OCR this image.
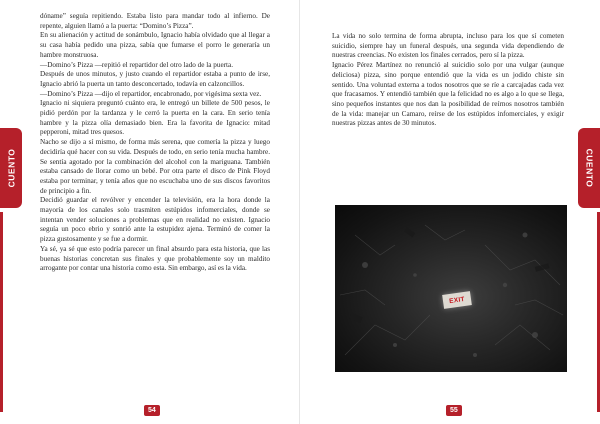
CUENTO

dóname” seguía repitiendo. Estaba listo para mandar todo al infierno. De repente, alguien llamó a la puerta: “Domino’s Pizza”.

En su alienación y actitud de sonámbulo, Ignacio había olvidado que al llegar a su casa había pedido una pizza, sabía que fumarse el porro le generaría un hambre monstruosa.

—Domino’s Pizza —repitió el repartidor del otro lado de la puerta.

Después de unos minutos, y justo cuando el repartidor estaba a punto de irse, Ignacio abrió la puerta un tanto desconcertado, todavía en calzoncillos.

—Domino’s Pizza —dijo el repartidor, encabronado, por vigésima sexta vez.

Ignacio ni siquiera preguntó cuánto era, le entregó un billete de 500 pesos, le pidió perdón por la tardanza y le cerró la puerta en la cara. En serio tenía hambre y la pizza olía demasiado bien. Era la favorita de Ignacio: mitad pepperoni, mitad tres quesos.

Nacho se dijo a sí mismo, de forma más serena, que comería la pizza y luego decidiría qué hacer con su vida. Después de todo, en serio tenía mucha hambre. Se sentía agotado por la combinación del alcohol con la mariguana. También estaba cansado de llorar como un bebé. Por otra parte el disco de Pink Floyd estaba por terminar, y tenía años que no escuchaba uno de sus discos favoritos de principio a fin.

Decidió guardar el revólver y encender la televisión, era la hora donde la mayoría de los canales solo trasmiten estúpidos infomerciales, donde se intentan vender soluciones a problemas que en realidad no existen. Ignacio seguía un poco ebrio y sonrió ante la estupidez ajena. Terminó de comer la pizza gustosamente y se fue a dormir.

Ya sé, ya sé que esto podría parecer un final absurdo para esta historia, que las buenas historias concretan sus finales y que probablemente soy un maldito arrogante por contar una historia como esta. Sin embargo, así es la vida.

54
CUENTO

La vida no solo termina de forma abrupta, incluso para los que sí cometen suicidio, siempre hay un funeral después, una segunda vida dependiendo de nuestras creencias. No existen los finales cerrados, pero sí la pizza.

Ignacio Pérez Martínez no renunció al suicidio solo por una vulgar (aunque deliciosa) pizza, sino porque entendió que la vida es un jodido chiste sin sentido. Una voluntad externa a todos nosotros que se ríe a carcajadas cada vez que fracasamos. Y entendió también que la felicidad no es algo a lo que se llega, sino pequeños instantes que nos dan la posibilidad de reírnos nosotros también de la vida: manejar un Camaro, reírse de los estúpidos infomerciales, y exigir nuestras pizzas antes de 30 minutos.

EXIT
55
